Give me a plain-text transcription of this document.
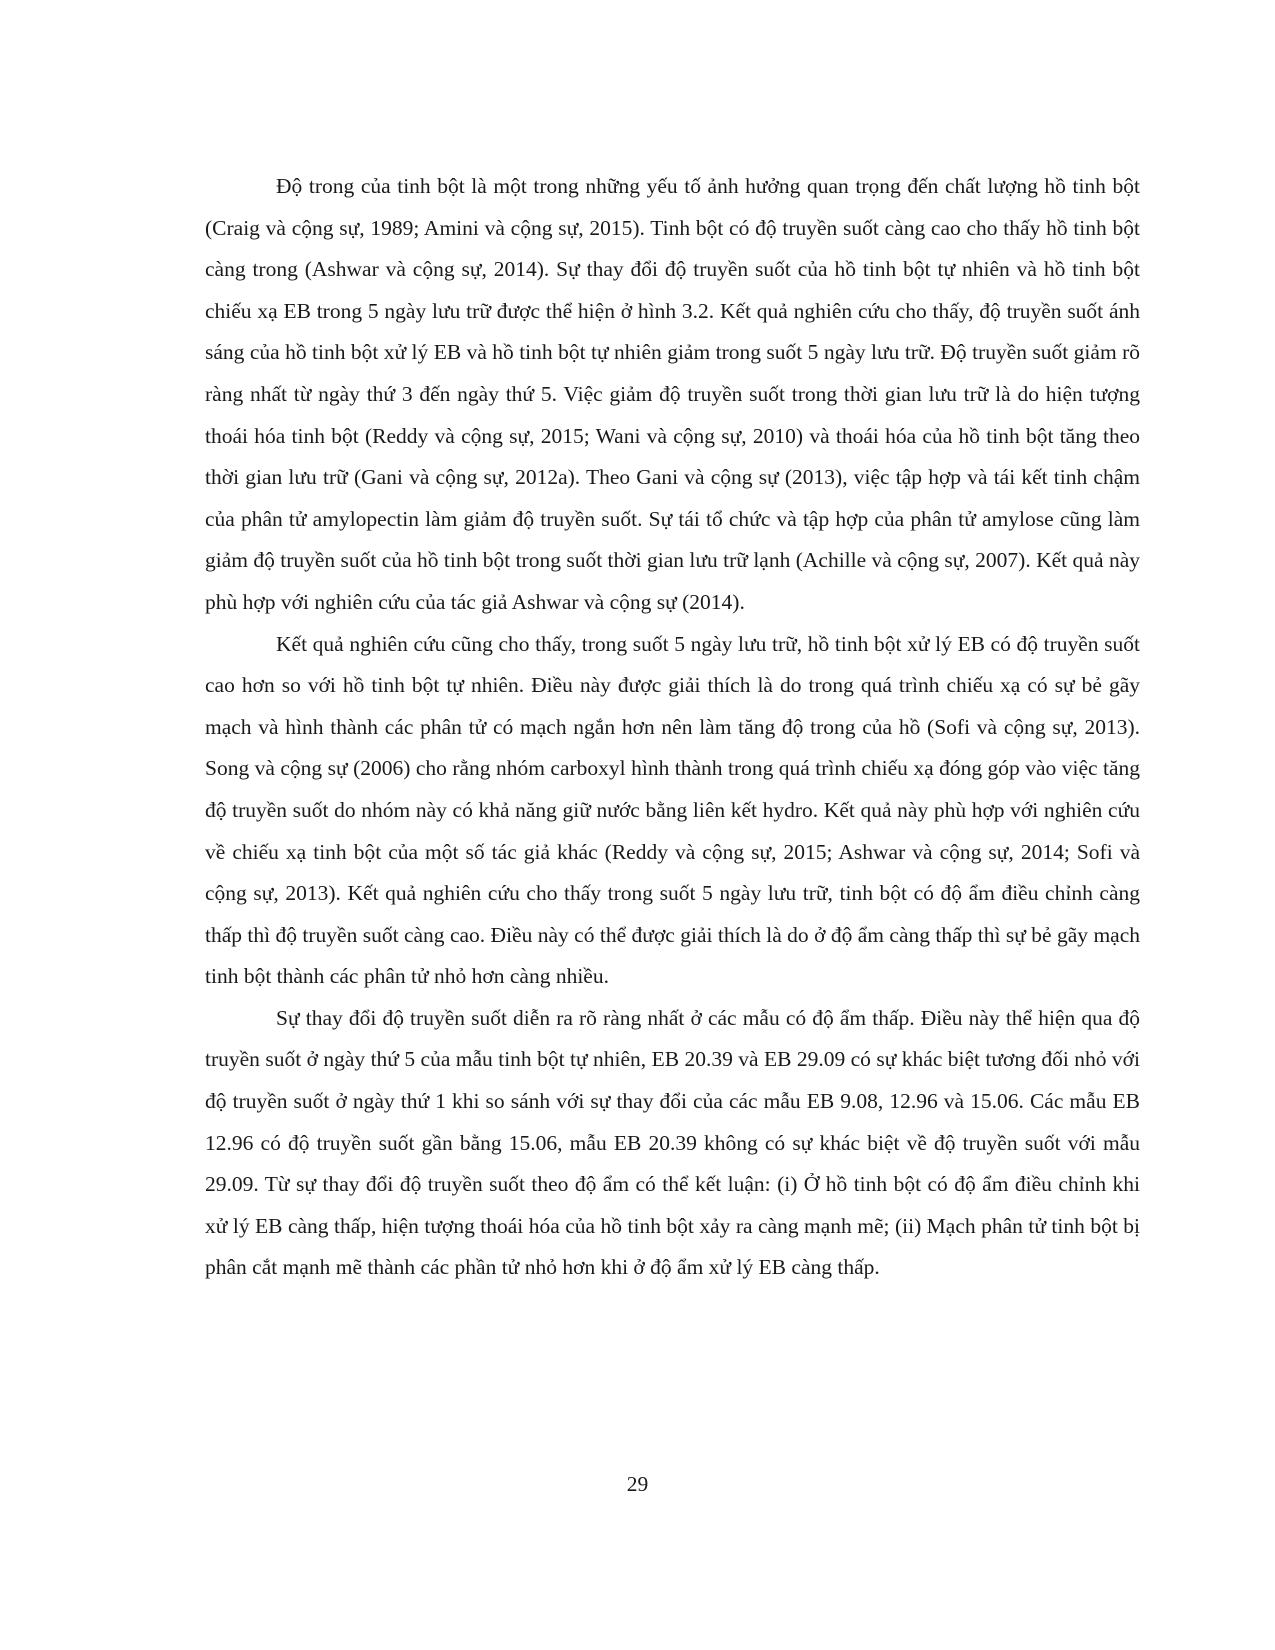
Độ trong của tinh bột là một trong những yếu tố ảnh hưởng quan trọng đến chất lượng hồ tinh bột (Craig và cộng sự, 1989; Amini và cộng sự, 2015). Tinh bột có độ truyền suốt càng cao cho thấy hồ tinh bột càng trong (Ashwar và cộng sự, 2014). Sự thay đổi độ truyền suốt của hồ tinh bột tự nhiên và hồ tinh bột chiếu xạ EB trong 5 ngày lưu trữ được thể hiện ở hình 3.2. Kết quả nghiên cứu cho thấy, độ truyền suốt ánh sáng của hồ tinh bột xử lý EB và hồ tinh bột tự nhiên giảm trong suốt 5 ngày lưu trữ. Độ truyền suốt giảm rõ ràng nhất từ ngày thứ 3 đến ngày thứ 5. Việc giảm độ truyền suốt trong thời gian lưu trữ là do hiện tượng thoái hóa tinh bột (Reddy và cộng sự, 2015; Wani và cộng sự, 2010) và thoái hóa của hồ tinh bột tăng theo thời gian lưu trữ (Gani và cộng sự, 2012a). Theo Gani và cộng sự (2013), việc tập hợp và tái kết tinh chậm của phân tử amylopectin làm giảm độ truyền suốt. Sự tái tổ chức và tập hợp của phân tử amylose cũng làm giảm độ truyền suốt của hồ tinh bột trong suốt thời gian lưu trữ lạnh (Achille và cộng sự, 2007). Kết quả này phù hợp với nghiên cứu của tác giả Ashwar và cộng sự (2014).

Kết quả nghiên cứu cũng cho thấy, trong suốt 5 ngày lưu trữ, hồ tinh bột xử lý EB có độ truyền suốt cao hơn so với hồ tinh bột tự nhiên. Điều này được giải thích là do trong quá trình chiếu xạ có sự bẻ gãy mạch và hình thành các phân tử có mạch ngắn hơn nên làm tăng độ trong của hồ (Sofi và cộng sự, 2013). Song và cộng sự (2006) cho rằng nhóm carboxyl hình thành trong quá trình chiếu xạ đóng góp vào việc tăng độ truyền suốt do nhóm này có khả năng giữ nước bằng liên kết hydro. Kết quả này phù hợp với nghiên cứu về chiếu xạ tinh bột của một số tác giả khác (Reddy và cộng sự, 2015; Ashwar và cộng sự, 2014; Sofi và cộng sự, 2013). Kết quả nghiên cứu cho thấy trong suốt 5 ngày lưu trữ, tinh bột có độ ẩm điều chỉnh càng thấp thì độ truyền suốt càng cao. Điều này có thể được giải thích là do ở độ ẩm càng thấp thì sự bẻ gãy mạch tinh bột thành các phân tử nhỏ hơn càng nhiều.

Sự thay đổi độ truyền suốt diễn ra rõ ràng nhất ở các mẫu có độ ẩm thấp. Điều này thể hiện qua độ truyền suốt ở ngày thứ 5 của mẫu tinh bột tự nhiên, EB 20.39 và EB 29.09 có sự khác biệt tương đối nhỏ với độ truyền suốt ở ngày thứ 1 khi so sánh với sự thay đổi của các mẫu EB 9.08, 12.96 và 15.06. Các mẫu EB 12.96 có độ truyền suốt gần bằng 15.06, mẫu EB 20.39 không có sự khác biệt về độ truyền suốt với mẫu 29.09. Từ sự thay đổi độ truyền suốt theo độ ẩm có thể kết luận: (i) Ở hồ tinh bột có độ ẩm điều chỉnh khi xử lý EB càng thấp, hiện tượng thoái hóa của hồ tinh bột xảy ra càng mạnh mẽ; (ii) Mạch phân tử tinh bột bị phân cắt mạnh mẽ thành các phần tử nhỏ hơn khi ở độ ẩm xử lý EB càng thấp.

29
